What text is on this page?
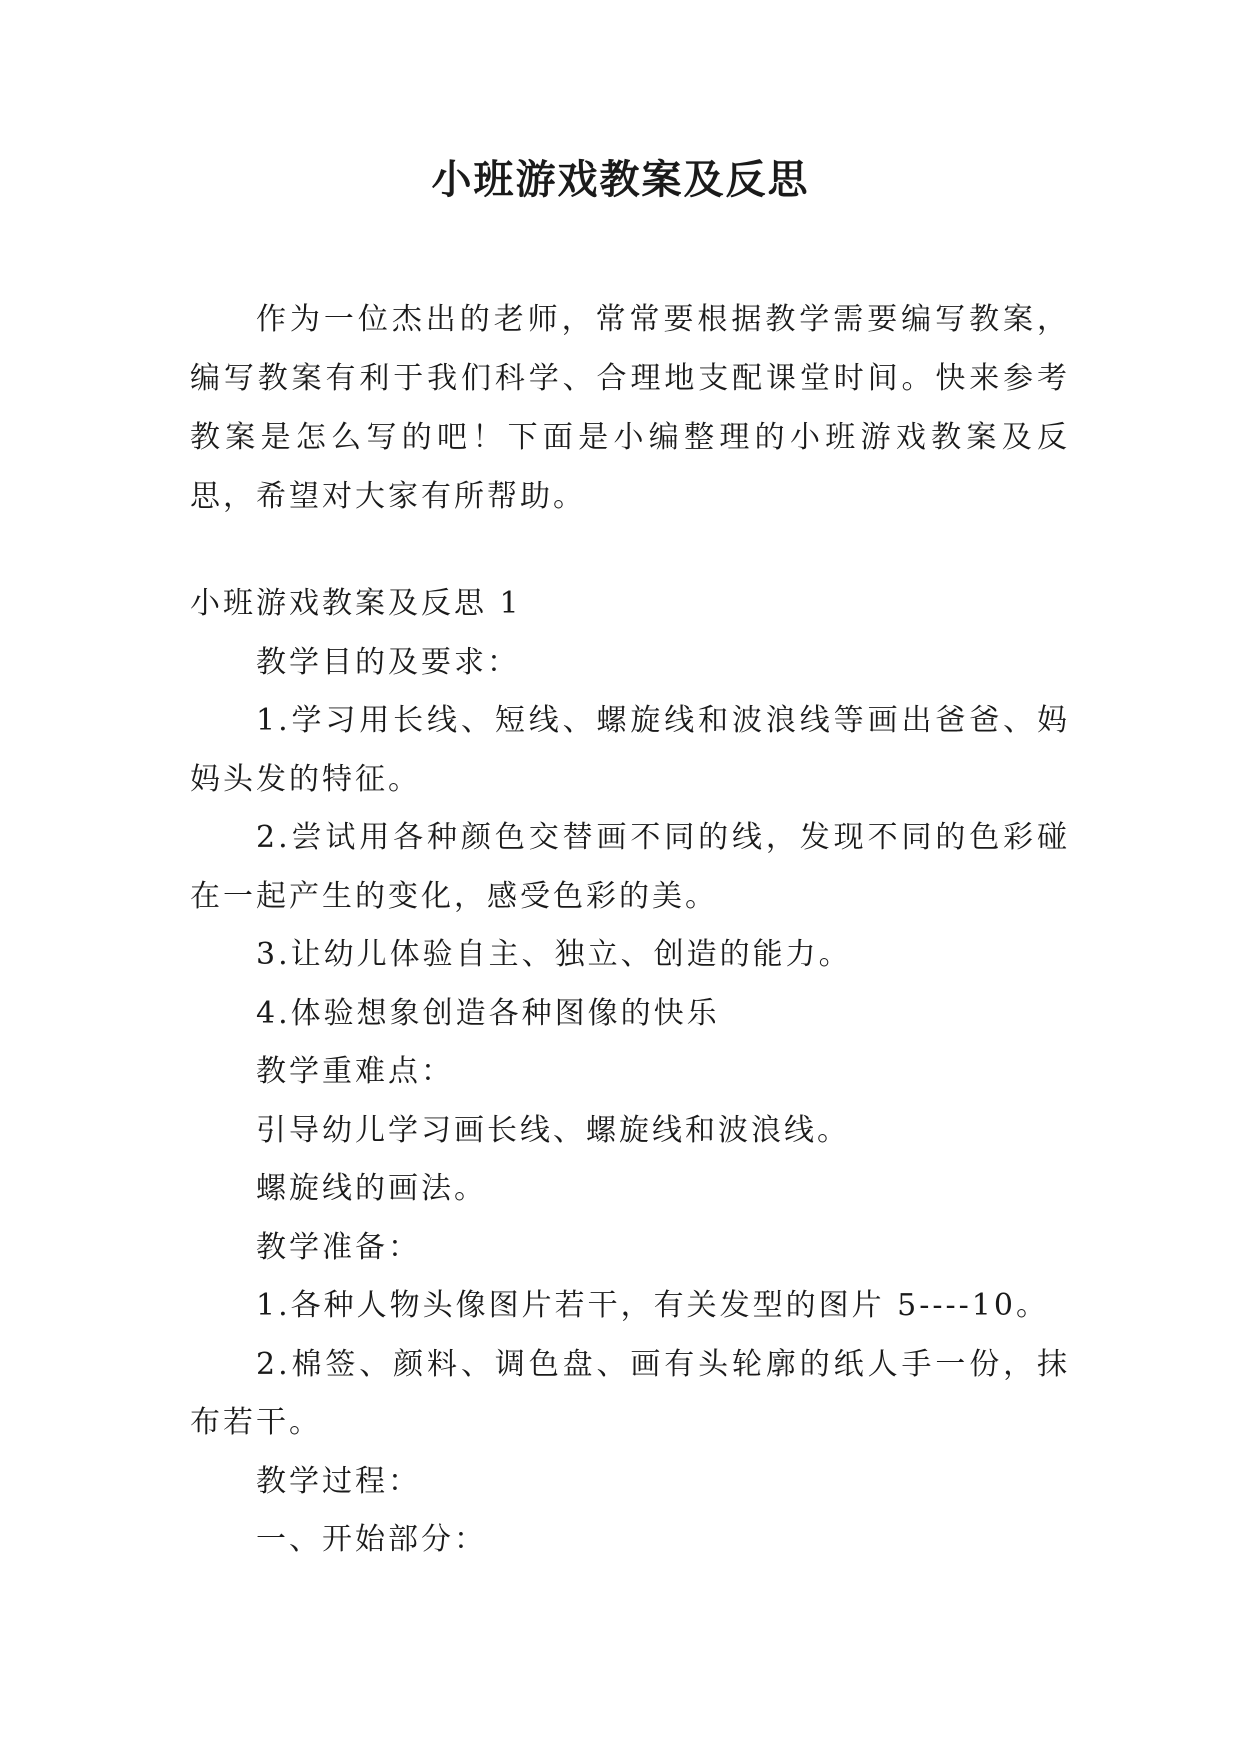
小班游戏教案及反思

作为一位杰出的老师，常常要根据教学需要编写教案，编写教案有利于我们科学、合理地支配课堂时间。快来参考教案是怎么写的吧！下面是小编整理的小班游戏教案及反思，希望对大家有所帮助。

小班游戏教案及反思 1

教学目的及要求：

1.学习用长线、短线、螺旋线和波浪线等画出爸爸、妈妈头发的特征。

2.尝试用各种颜色交替画不同的线，发现不同的色彩碰在一起产生的变化，感受色彩的美。

3.让幼儿体验自主、独立、创造的能力。

4.体验想象创造各种图像的快乐

教学重难点：

引导幼儿学习画长线、螺旋线和波浪线。

螺旋线的画法。

教学准备：

1.各种人物头像图片若干，有关发型的图片 5----10。

2.棉签、颜料、调色盘、画有头轮廓的纸人手一份，抹布若干。

教学过程：

一、开始部分：
